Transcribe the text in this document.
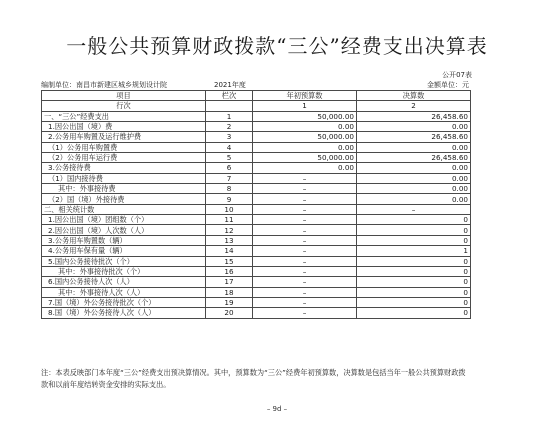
一般公共预算财政拨款“三公”经费支出决算表
公开07表
编制单位：南昌市新建区城乡规划设计院	2021年度	金额单位：元
项目	栏次	年初预算数	决算数
行次		1	2
一、“三公”经费支出	1	50,000.00	26,458.60
1.因公出国（境）费	2	0.00	0.00
2.公务用车购置及运行维护费	3	50,000.00	26,458.60
（1）公务用车购置费	4	0.00	0.00
（2）公务用车运行费	5	50,000.00	26,458.60
3.公务接待费	6	0.00	0.00
（1）国内接待费	7	–	0.00
其中：外事接待费	8	–	0.00
（2）国（境）外接待费	9	–	0.00
二、相关统计数	10	–	–
1.因公出国（境）团组数（个）	11	–	0
2.因公出国（境）人次数（人）	12	–	0
3.公务用车购置数（辆）	13	–	0
4.公务用车保有量（辆）	14	–	1
5.国内公务接待批次（个）	15	–	0
其中：外事接待批次（个）	16	–	0
6.国内公务接待人次（人）	17	–	0
其中：外事接待人次（人）	18	–	0
7.国（境）外公务接待批次（个）	19	–	0
8.国（境）外公务接待人次（人）	20	–	0
注：本表反映部门本年度“三公”经费支出预决算情况。其中，预算数为“三公”经费年初预算数，决算数是包括当年一般公共预算财政拨款和以前年度结转资金安排的实际支出。
– 9d –
